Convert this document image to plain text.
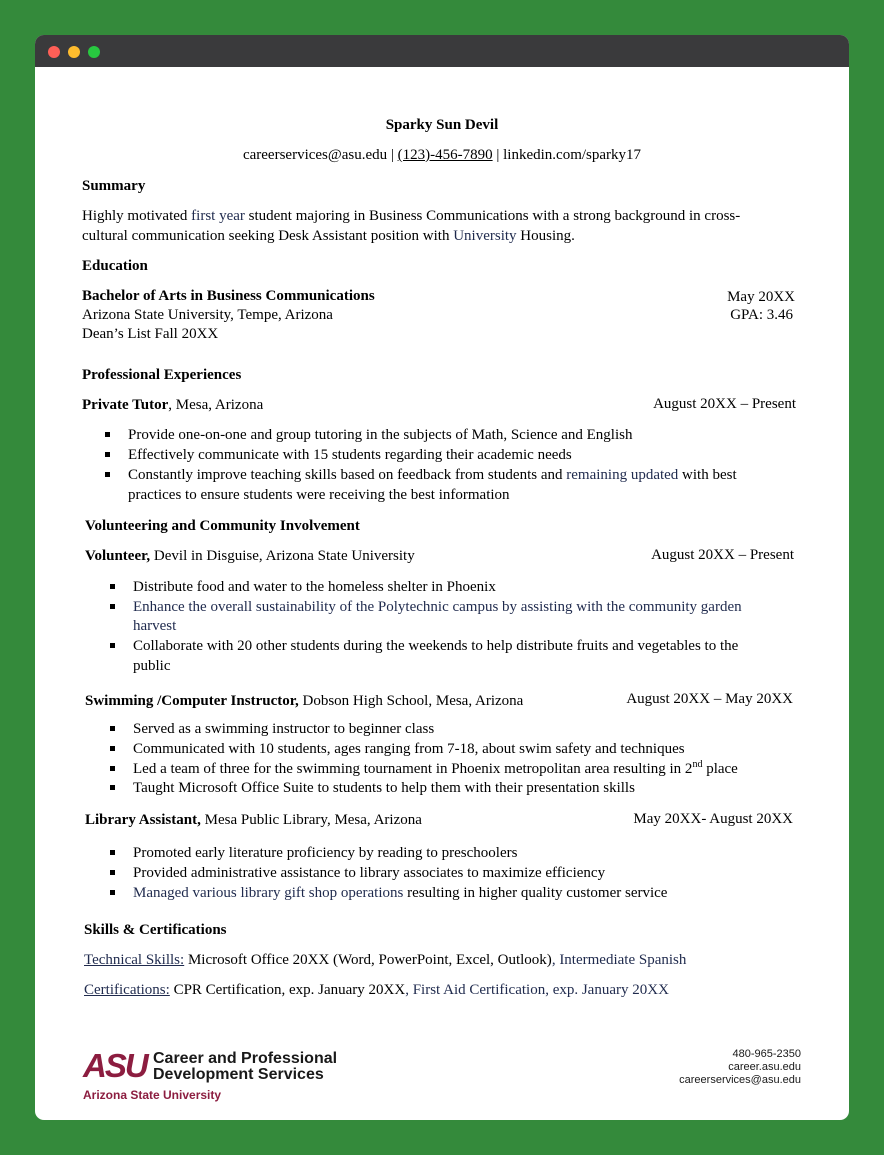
Sparky Sun Devil
careerservices@asu.edu | (123)-456-7890 | linkedin.com/sparky17
Summary
Highly motivated first year student majoring in Business Communications with a strong background in cross-
cultural communication seeking Desk Assistant position with University Housing.
Education
Bachelor of Arts in Business Communications	May 20XX
Arizona State University, Tempe, Arizona	GPA: 3.46
Dean’s List Fall 20XX
Professional Experiences
Private Tutor, Mesa, Arizona	August 20XX – Present
Provide one-on-one and group tutoring in the subjects of Math, Science and English
Effectively communicate with 15 students regarding their academic needs
Constantly improve teaching skills based on feedback from students and remaining updated with best
practices to ensure students were receiving the best information
Volunteering and Community Involvement
Volunteer, Devil in Disguise, Arizona State University	August 20XX – Present
Distribute food and water to the homeless shelter in Phoenix
Enhance the overall sustainability of the Polytechnic campus by assisting with the community garden
harvest
Collaborate with 20 other students during the weekends to help distribute fruits and vegetables to the
public
Swimming /Computer Instructor, Dobson High School, Mesa, Arizona	August 20XX – May 20XX
Served as a swimming instructor to beginner class
Communicated with 10 students, ages ranging from 7-18, about swim safety and techniques
Led a team of three for the swimming tournament in Phoenix metropolitan area resulting in 2nd place
Taught Microsoft Office Suite to students to help them with their presentation skills
Library Assistant, Mesa Public Library, Mesa, Arizona	May 20XX- August 20XX
Promoted early literature proficiency by reading to preschoolers
Provided administrative assistance to library associates to maximize efficiency
Managed various library gift shop operations resulting in higher quality customer service
Skills & Certifications
Technical Skills: Microsoft Office 20XX (Word, PowerPoint, Excel, Outlook), Intermediate Spanish
Certifications: CPR Certification, exp. January 20XX, First Aid Certification, exp. January 20XX
ASU Career and Professional
Development Services
Arizona State University
480-965-2350
career.asu.edu
careerservices@asu.edu
